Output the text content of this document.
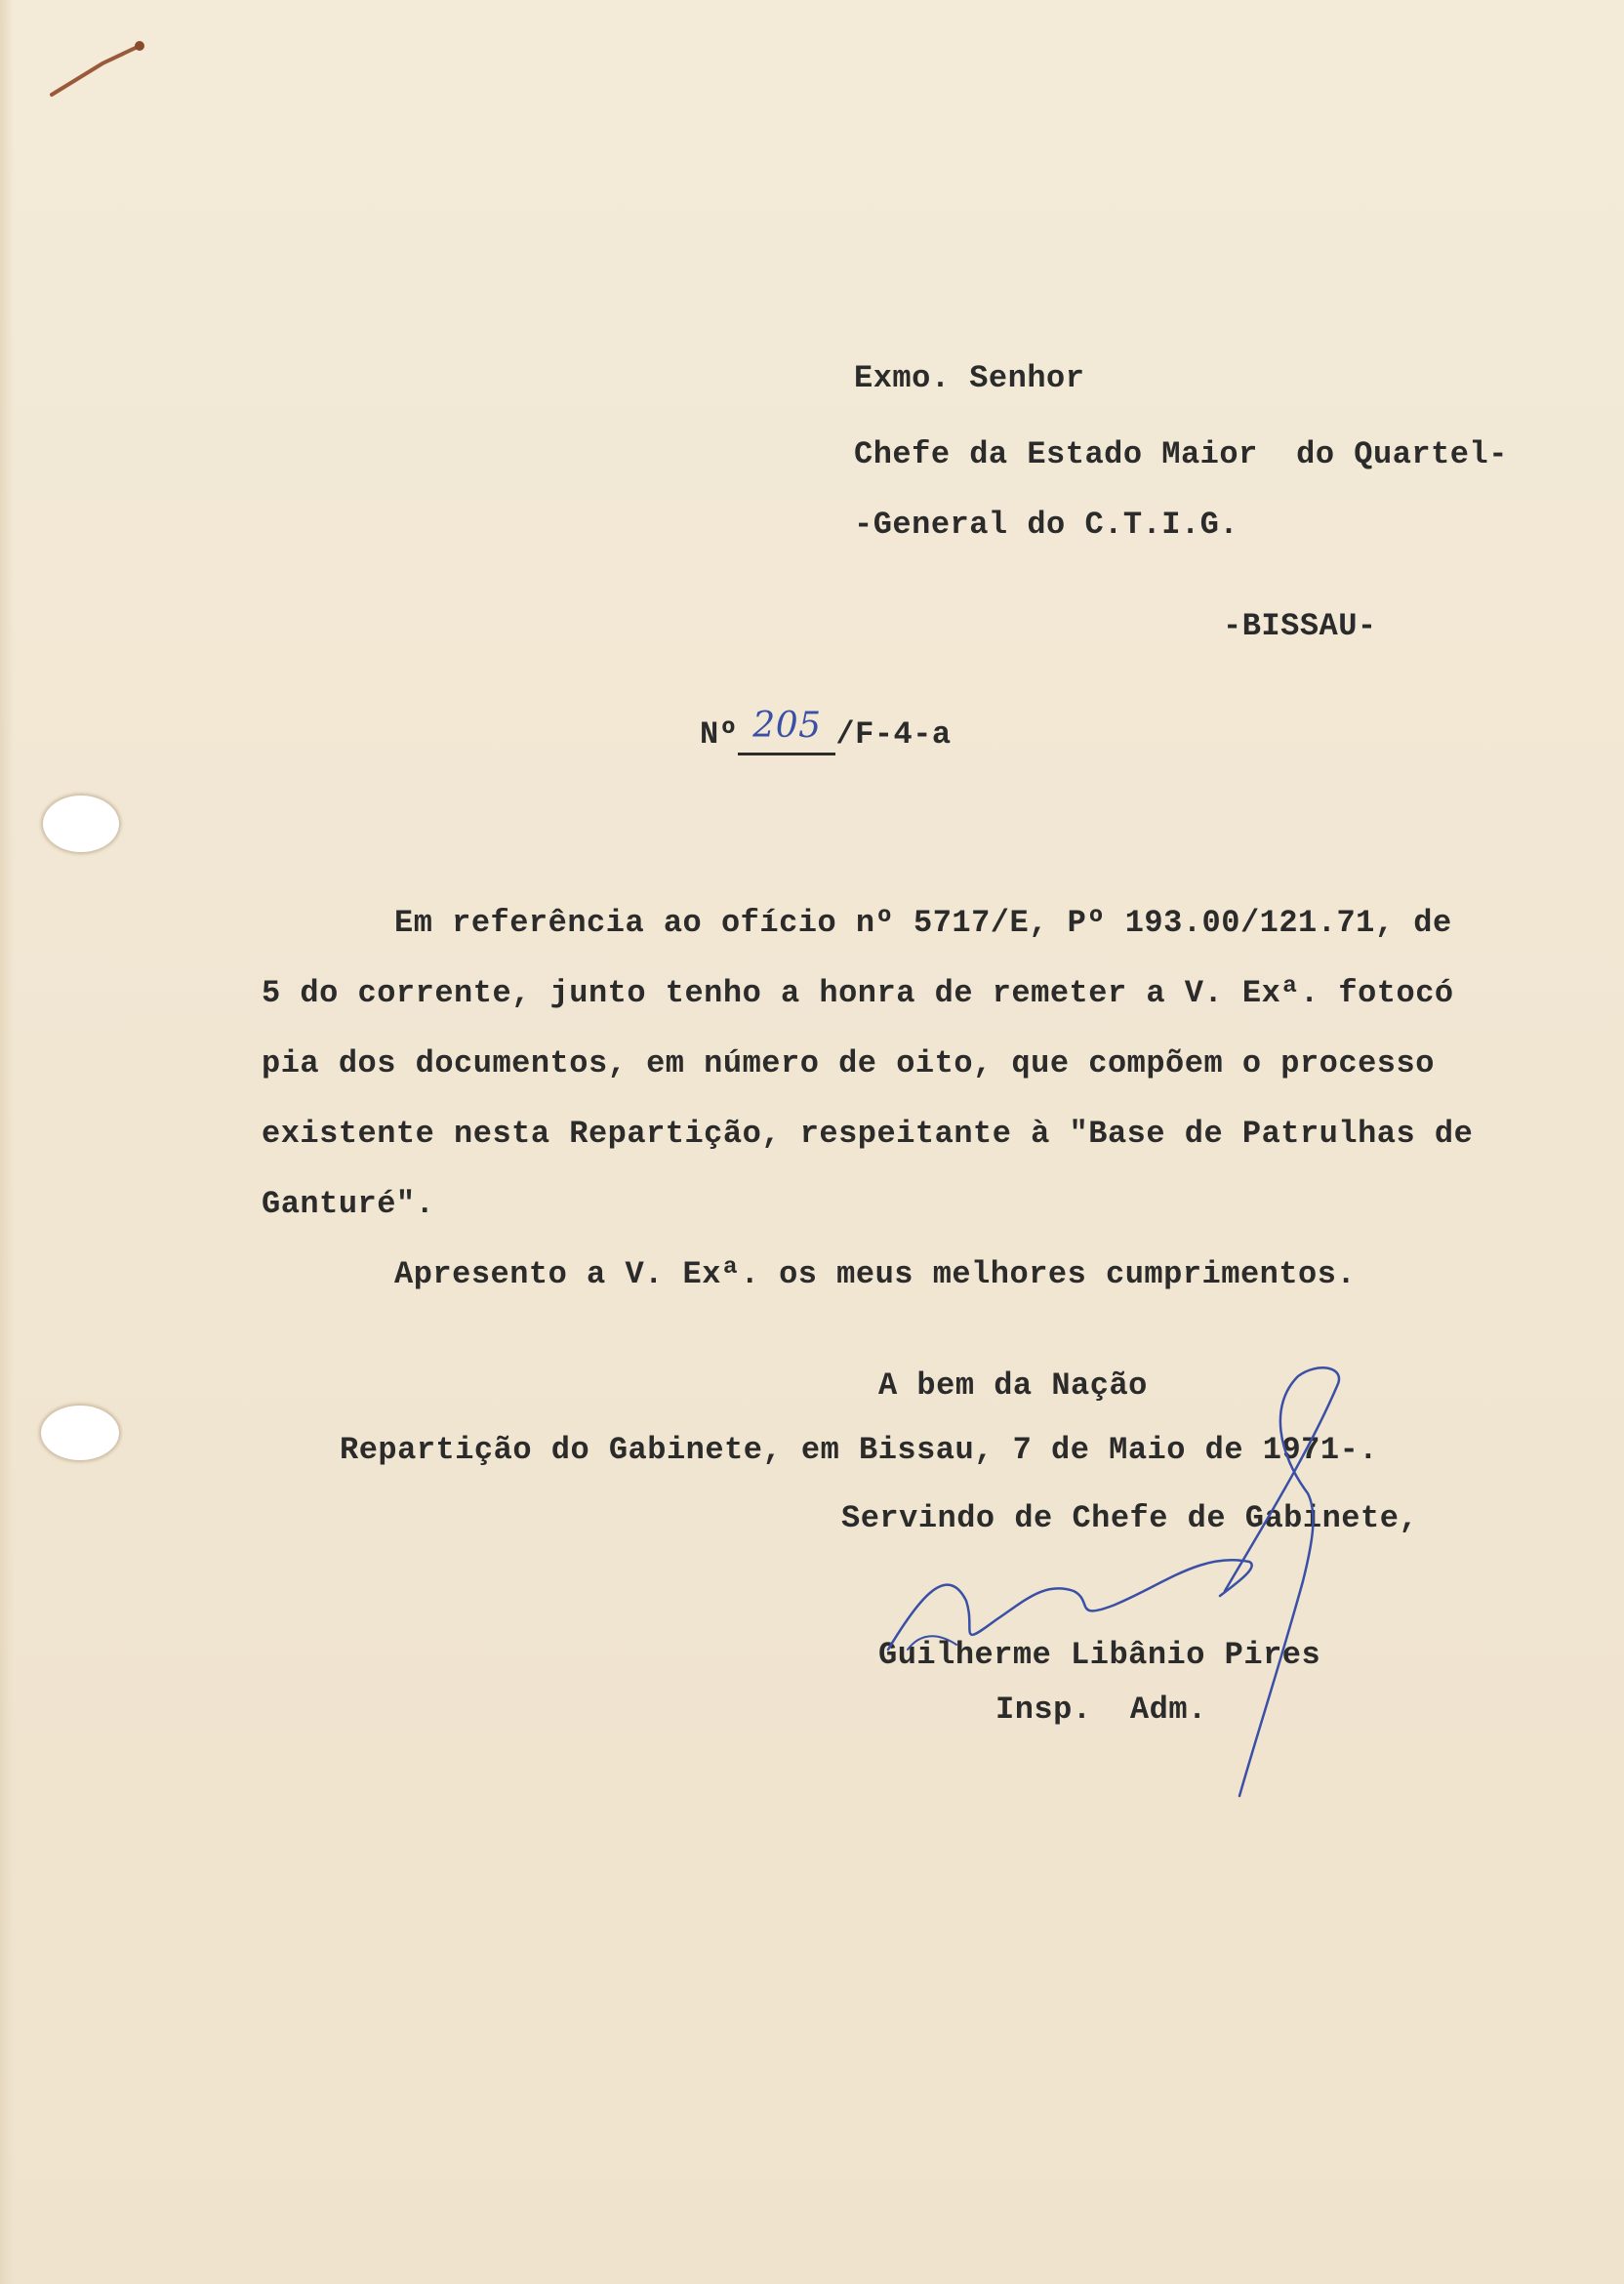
Exmo. Senhor
Chefe da Estado Maior  do Quartel-
-General do C.T.I.G.
-BISSAU-
Nº 205 /F-4-a
Em referência ao ofício nº 5717/E, Pº 193.00/121.71, de
5 do corrente, junto tenho a honra de remeter a V. Exª. fotocó
pia dos documentos, em número de oito, que compõem o processo
existente nesta Repartição, respeitante à "Base de Patrulhas de
Ganturé".
Apresento a V. Exª. os meus melhores cumprimentos.
A bem da Nação
Repartição do Gabinete, em Bissau, 7 de Maio de 1971-.
Servindo de Chefe de Gabinete,
Guilherme Libânio Pires
Insp.  Adm.
